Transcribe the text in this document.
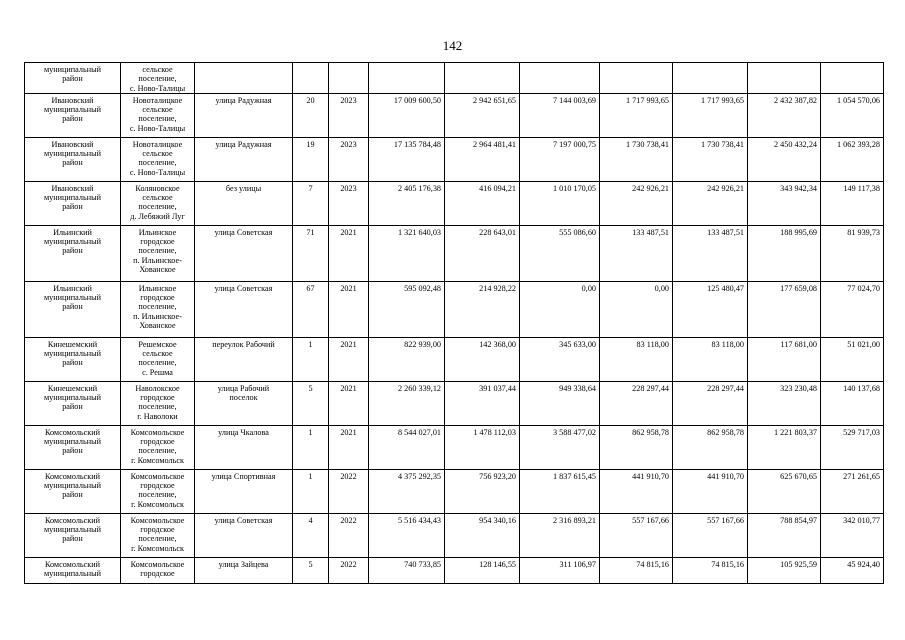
142
муниципальный
район	сельское
поселение,
с. Ново-Талицы										
Ивановский
муниципальный
район	Новоталицкое
сельское
поселение,
с. Ново-Талицы	улица Радужная	20	2023	17 009 600,50	2 942 651,65	7 144 003,69	1 717 993,65	1 717 993,65	2 432 387,82	1 054 570,06
Ивановский
муниципальный
район	Новоталицкое
сельское
поселение,
с. Ново-Талицы	улица Радужная	19	2023	17 135 784,48	2 964 481,41	7 197 000,75	1 730 738,41	1 730 738,41	2 450 432,24	1 062 393,28
Ивановский
муниципальный
район	Коляновское
сельское
поселение,
д. Лебяжий Луг	без улицы	7	2023	2 405 176,38	416 094,21	1 010 170,05	242 926,21	242 926,21	343 942,34	149 117,38
Ильинский
муниципальный
район	Ильинское
городское
поселение,
п. Ильинское-
Хованское	улица Советская	71	2021	1 321 640,03	228 643,01	555 086,60	133 487,51	133 487,51	188 995,69	81 939,73
Ильинский
муниципальный
район	Ильинское
городское
поселение,
п. Ильинское-
Хованское	улица Советская	67	2021	595 092,48	214 928,22	0,00	0,00	125 480,47	177 659,08	77 024,70
Кинешемский
муниципальный
район	Решемское
сельское
поселение,
с. Решма	переулок Рабочий	1	2021	822 939,00	142 368,00	345 633,00	83 118,00	83 118,00	117 681,00	51 021,00
Кинешемский
муниципальный
район	Наволокское
городское
поселение,
г. Наволоки	улица Рабочий
поселок	5	2021	2 260 339,12	391 037,44	949 338,64	228 297,44	228 297,44	323 230,48	140 137,68
Комсомольский
муниципальный
район	Комсомольское
городское
поселение,
г. Комсомольск	улица Чкалова	1	2021	8 544 027,01	1 478 112,03	3 588 477,02	862 958,78	862 958,78	1 221 803,37	529 717,03
Комсомольский
муниципальный
район	Комсомольское
городское
поселение,
г. Комсомольск	улица Спортивная	1	2022	4 375 292,35	756 923,20	1 837 615,45	441 910,70	441 910,70	625 670,65	271 261,65
Комсомольский
муниципальный
район	Комсомольское
городское
поселение,
г. Комсомольск	улица Советская	4	2022	5 516 434,43	954 340,16	2 316 893,21	557 167,66	557 167,66	788 854,97	342 010,77
Комсомольский
муниципальный	Комсомольское
городское	улица Зайцева	5	2022	740 733,85	128 146,55	311 106,97	74 815,16	74 815,16	105 925,59	45 924,40
